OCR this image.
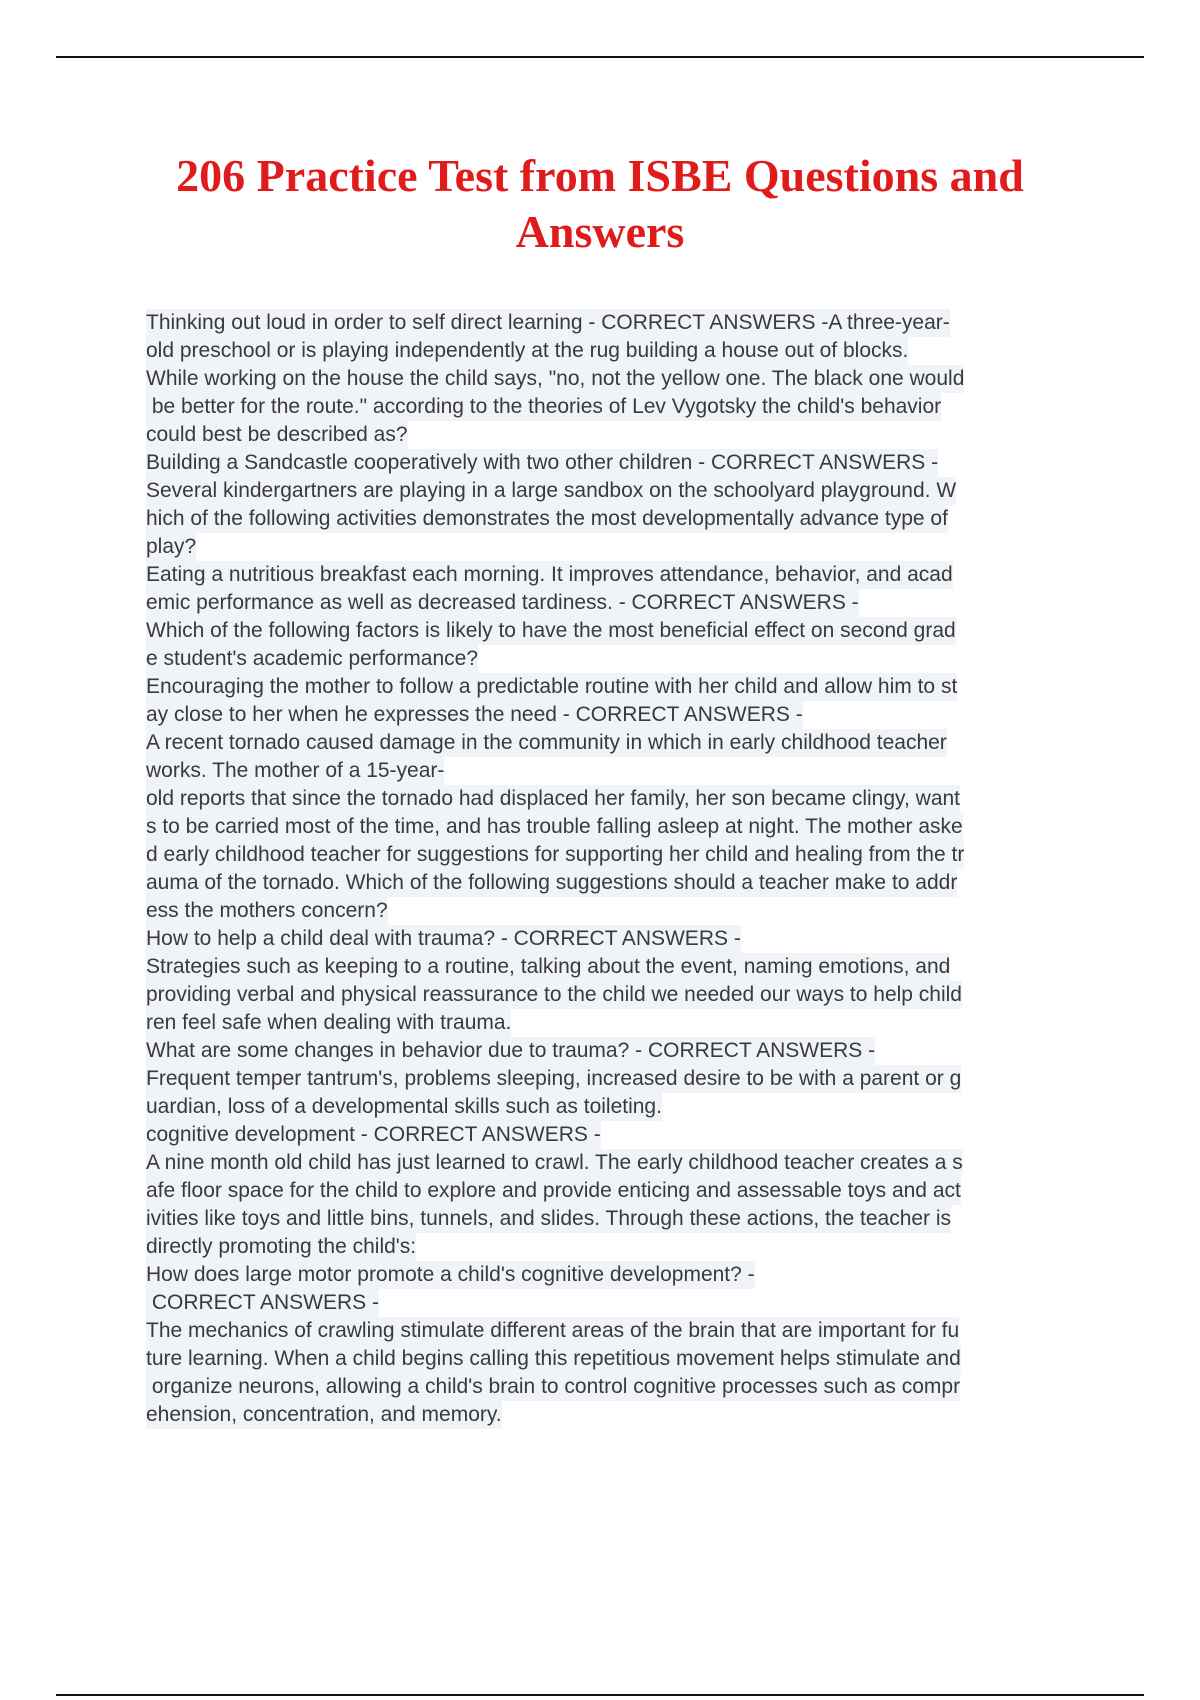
206 Practice Test from ISBE Questions and
Answers
Thinking out loud in order to self direct learning - CORRECT ANSWERS -A three-year-
old preschool or is playing independently at the rug building a house out of blocks.
While working on the house the child says, "no, not the yellow one. The black one would
be better for the route." according to the theories of Lev Vygotsky the child's behavior
could best be described as?
Building a Sandcastle cooperatively with two other children - CORRECT ANSWERS -
Several kindergartners are playing in a large sandbox on the schoolyard playground. W
hich of the following activities demonstrates the most developmentally advance type of
play?
Eating a nutritious breakfast each morning. It improves attendance, behavior, and acad
emic performance as well as decreased tardiness. - CORRECT ANSWERS -
Which of the following factors is likely to have the most beneficial effect on second grad
e student's academic performance?
Encouraging the mother to follow a predictable routine with her child and allow him to st
ay close to her when he expresses the need - CORRECT ANSWERS -
A recent tornado caused damage in the community in which in early childhood teacher
works. The mother of a 15-year-
old reports that since the tornado had displaced her family, her son became clingy, want
s to be carried most of the time, and has trouble falling asleep at night. The mother aske
d early childhood teacher for suggestions for supporting her child and healing from the tr
auma of the tornado. Which of the following suggestions should a teacher make to addr
ess the mothers concern?
How to help a child deal with trauma? - CORRECT ANSWERS -
Strategies such as keeping to a routine, talking about the event, naming emotions, and
providing verbal and physical reassurance to the child we needed our ways to help child
ren feel safe when dealing with trauma.
What are some changes in behavior due to trauma? - CORRECT ANSWERS -
Frequent temper tantrum's, problems sleeping, increased desire to be with a parent or g
uardian, loss of a developmental skills such as toileting.
cognitive development - CORRECT ANSWERS -
A nine month old child has just learned to crawl. The early childhood teacher creates a s
afe floor space for the child to explore and provide enticing and assessable toys and act
ivities like toys and little bins, tunnels, and slides. Through these actions, the teacher is
directly promoting the child's:
How does large motor promote a child's cognitive development? -
CORRECT ANSWERS -
The mechanics of crawling stimulate different areas of the brain that are important for fu
ture learning. When a child begins calling this repetitious movement helps stimulate and
organize neurons, allowing a child's brain to control cognitive processes such as compr
ehension, concentration, and memory.
